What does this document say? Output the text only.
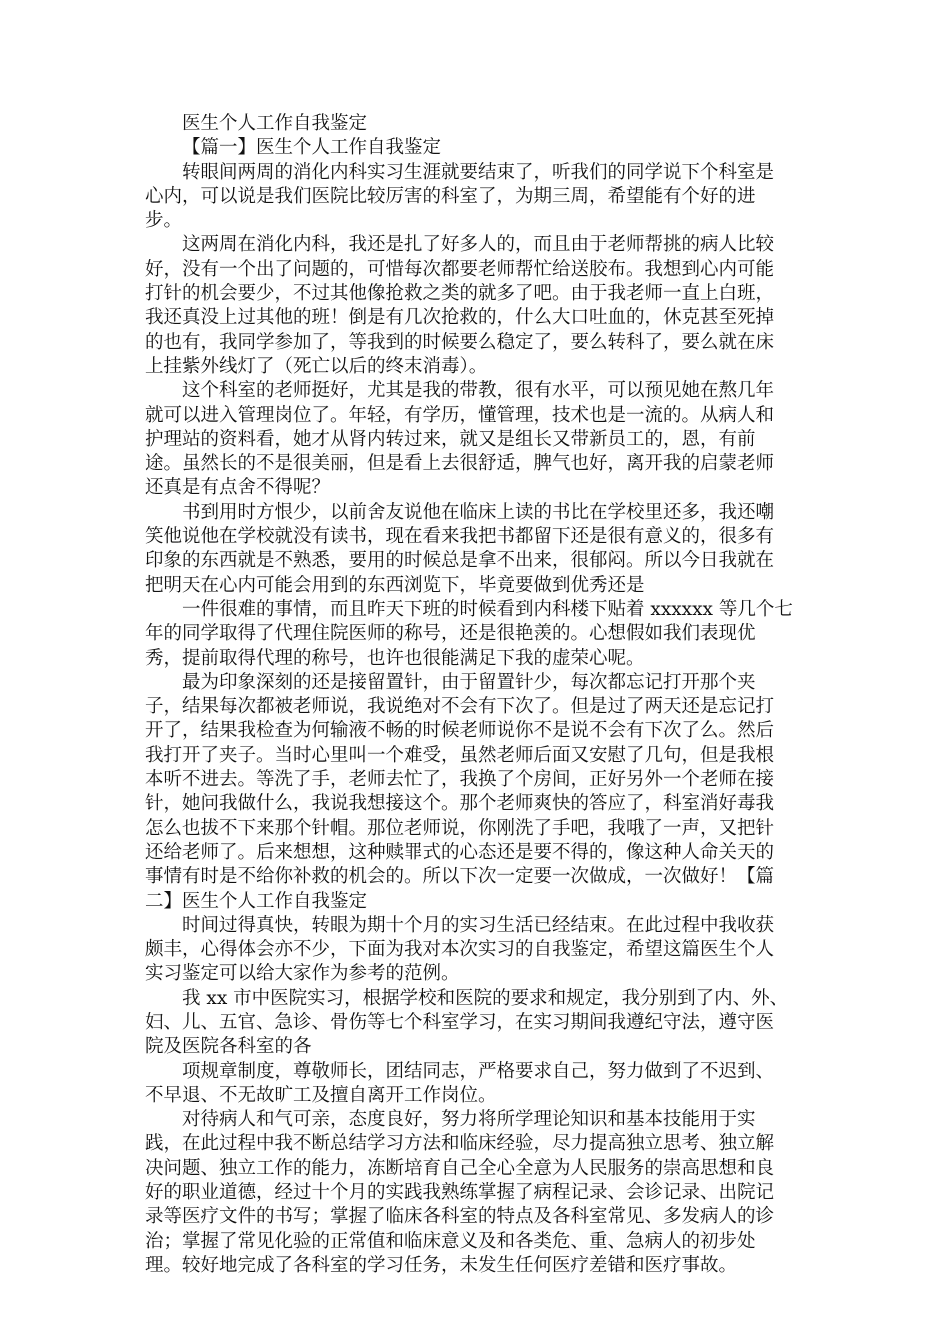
医生个人工作自我鉴定

【篇一】医生个人工作自我鉴定

转眼间两周的消化内科实习生涯就要结束了，听我们的同学说下个科室是

心内，可以说是我们医院比较厉害的科室了，为期三周，希望能有个好的进

步。

这两周在消化内科，我还是扎了好多人的，而且由于老师帮挑的病人比较

好，没有一个出了问题的，可惜每次都要老师帮忙给送胶布。我想到心内可能

打针的机会要少，不过其他像抢救之类的就多了吧。由于我老师一直上白班，

我还真没上过其他的班！倒是有几次抢救的，什么大口吐血的，休克甚至死掉

的也有，我同学参加了，等我到的时候要么稳定了，要么转科了，要么就在床

上挂紫外线灯了（死亡以后的终末消毒）。

这个科室的老师挺好，尤其是我的带教，很有水平，可以预见她在熬几年

就可以进入管理岗位了。年轻，有学历，懂管理，技术也是一流的。从病人和

护理站的资料看，她才从肾内转过来，就又是组长又带新员工的，恩，有前

途。虽然长的不是很美丽，但是看上去很舒适，脾气也好，离开我的启蒙老师

还真是有点舍不得呢？

书到用时方恨少，以前舍友说他在临床上读的书比在学校里还多，我还嘲

笑他说他在学校就没有读书，现在看来我把书都留下还是很有意义的，很多有

印象的东西就是不熟悉，要用的时候总是拿不出来，很郁闷。所以今日我就在

把明天在心内可能会用到的东西浏览下，毕竟要做到优秀还是

一件很难的事情，而且昨天下班的时候看到内科楼下贴着 xxxxxx 等几个七

年的同学取得了代理住院医师的称号，还是很艳羡的。心想假如我们表现优

秀，提前取得代理的称号，也许也很能满足下我的虚荣心呢。

最为印象深刻的还是接留置针，由于留置针少，每次都忘记打开那个夹

子，结果每次都被老师说，我说绝对不会有下次了。但是过了两天还是忘记打

开了，结果我检查为何输液不畅的时候老师说你不是说不会有下次了么。然后

我打开了夹子。当时心里叫一个难受，虽然老师后面又安慰了几句，但是我根

本听不进去。等洗了手，老师去忙了，我换了个房间，正好另外一个老师在接

针，她问我做什么，我说我想接这个。那个老师爽快的答应了，科室消好毒我

怎么也拔不下来那个针帽。那位老师说，你刚洗了手吧，我哦了一声，又把针

还给老师了。后来想想，这种赎罪式的心态还是要不得的，像这种人命关天的

事情有时是不给你补救的机会的。所以下次一定要一次做成，一次做好！【篇

二】医生个人工作自我鉴定

时间过得真快，转眼为期十个月的实习生活已经结束。在此过程中我收获

颇丰，心得体会亦不少，下面为我对本次实习的自我鉴定，希望这篇医生个人

实习鉴定可以给大家作为参考的范例。

我 xx 市中医院实习，根据学校和医院的要求和规定，我分别到了内、外、

妇、儿、五官、急诊、骨伤等七个科室学习，在实习期间我遵纪守法，遵守医

院及医院各科室的各

项规章制度，尊敬师长，团结同志，严格要求自己，努力做到了不迟到、

不早退、不无故旷工及擅自离开工作岗位。

对待病人和气可亲，态度良好，努力将所学理论知识和基本技能用于实

践，在此过程中我不断总结学习方法和临床经验，尽力提高独立思考、独立解

决问题、独立工作的能力，冻断培育自己全心全意为人民服务的崇高思想和良

好的职业道德，经过十个月的实践我熟练掌握了病程记录、会诊记录、出院记

录等医疗文件的书写；掌握了临床各科室的特点及各科室常见、多发病人的诊

治；掌握了常见化验的正常值和临床意义及和各类危、重、急病人的初步处

理。较好地完成了各科室的学习任务，未发生任何医疗差错和医疗事故。
